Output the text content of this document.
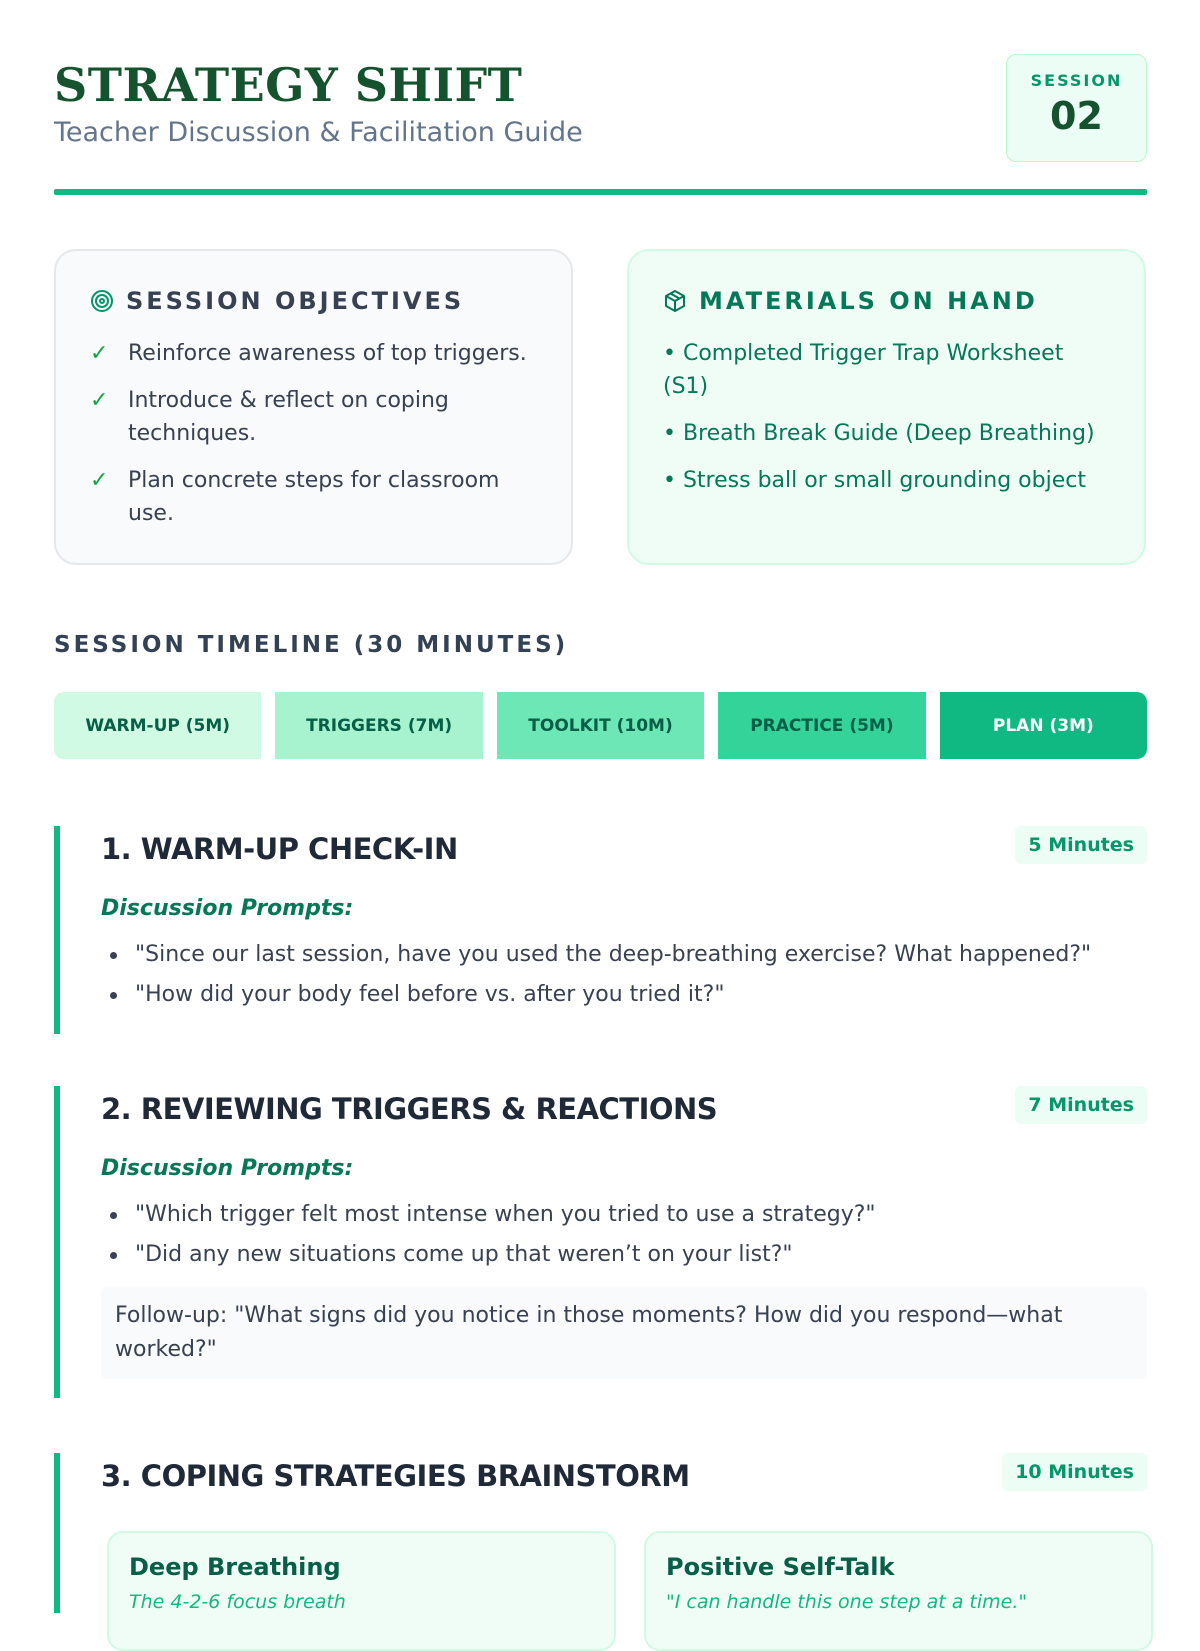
STRATEGY SHIFT
Teacher Discussion & Facilitation Guide
SESSION
02
SESSION OBJECTIVES
✓ Reinforce awareness of top triggers.
✓ Introduce & reflect on coping techniques.
✓ Plan concrete steps for classroom use.
MATERIALS ON HAND
• Completed Trigger Trap Worksheet (S1)
• Breath Break Guide (Deep Breathing)
• Stress ball or small grounding object
SESSION TIMELINE (30 MINUTES)
WARM-UP (5M)	TRIGGERS (7M)	TOOLKIT (10M)	PRACTICE (5M)	PLAN (3M)
1. WARM-UP CHECK-IN	5 Minutes
Discussion Prompts:
"Since our last session, have you used the deep-breathing exercise? What happened?"
"How did your body feel before vs. after you tried it?"
2. REVIEWING TRIGGERS & REACTIONS	7 Minutes
Discussion Prompts:
"Which trigger felt most intense when you tried to use a strategy?"
"Did any new situations come up that weren’t on your list?"
Follow-up: "What signs did you notice in those moments? How did you respond—what worked?"
3. COPING STRATEGIES BRAINSTORM	10 Minutes
Deep Breathing
The 4-2-6 focus breath
Positive Self-Talk
"I can handle this one step at a time."
